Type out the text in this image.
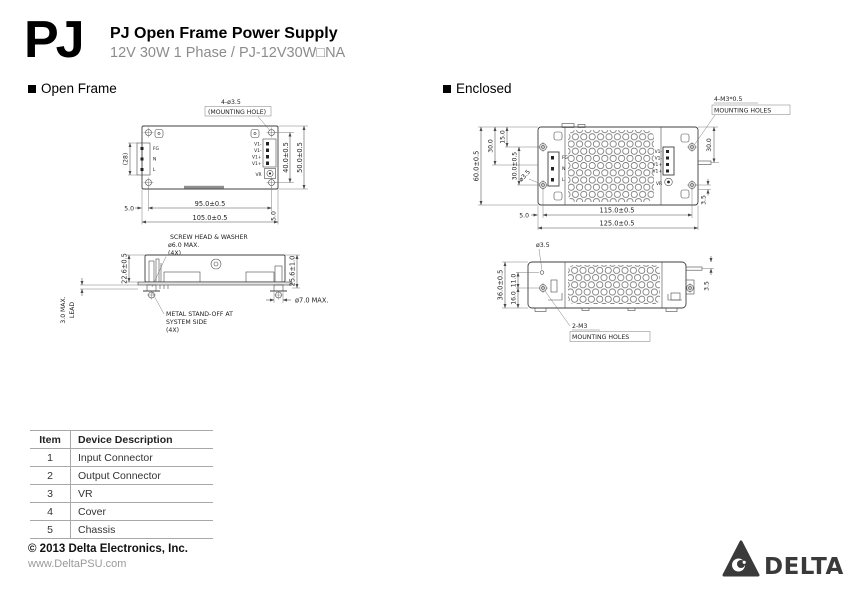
PJ PJ Open Frame Power Supply
12V 30W 1 Phase / PJ-12V30W□NA
Open Frame	Enclosed
4-ø3.5
(MOUNTING HOLE)
FG
N
L
V1-
V1-
V1+
V1+
VR
(28)
95.0±0.5
5.0
5.0
105.0±0.5
40.0±0.5 50.0±0.5
SCREW HEAD & WASHER
ø6.0 MAX.
(4X)
22.6±0.5
3.0 MAX. LEAD
25.6±1.0
ø7.0 MAX.
METAL STAND-OFF AT
SYSTEM SIDE
(4X)
FG
N
L
V1-
V1-
V1+
V1+
VR
4-M3*0.5
MOUNTING HOLES
60.0±0.5
30.0
15.0
30.0±0.5 ø3.5
5.0
115.0±0.5
125.0±0.5
30.0
3.5
ø3.5
36.0±0.5 11.0
16.0
3.5
2-M3
MOUNTING HOLES
Item	Device Description
1	Input Connector
2	Output Connector
3	VR
4	Cover
5	Chassis
© 2013 Delta Electronics, Inc.
www.DeltaPSU.com	DELTA
